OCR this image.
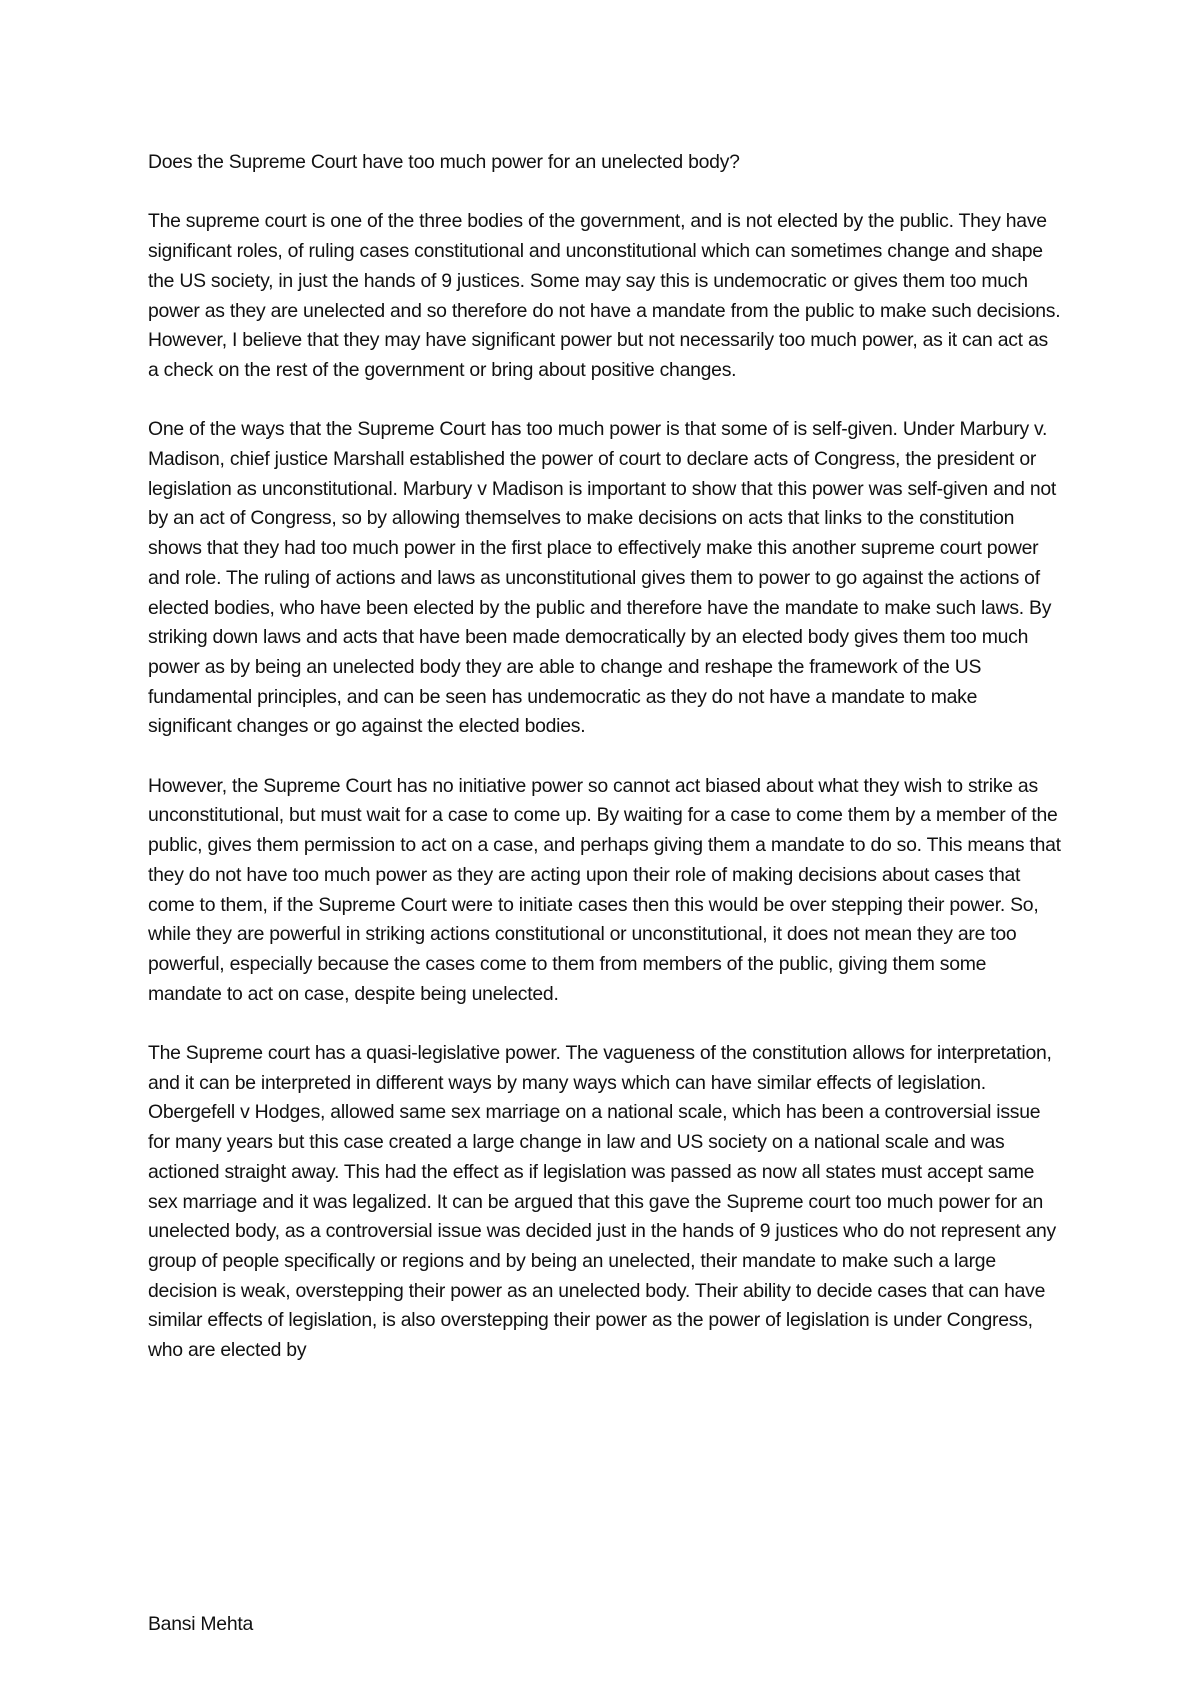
Does the Supreme Court have too much power for an unelected body?

The supreme court is one of the three bodies of the government, and is not elected by the public. They have significant roles, of ruling cases constitutional and unconstitutional which can sometimes change and shape the US society, in just the hands of 9 justices. Some may say this is undemocratic or gives them too much power as they are unelected and so therefore do not have a mandate from the public to make such decisions. However, I believe that they may have significant power but not necessarily too much power, as it can act as a check on the rest of the government or bring about positive changes.

One of the ways that the Supreme Court has too much power is that some of is self-given. Under Marbury v. Madison, chief justice Marshall established the power of court to declare acts of Congress, the president or legislation as unconstitutional. Marbury v Madison is important to show that this power was self-given and not by an act of Congress, so by allowing themselves to make decisions on acts that links to the constitution shows that they had too much power in the first place to effectively make this another supreme court power and role. The ruling of actions and laws as unconstitutional gives them to power to go against the actions of elected bodies, who have been elected by the public and therefore have the mandate to make such laws. By striking down laws and acts that have been made democratically by an elected body gives them too much power as by being an unelected body they are able to change and reshape the framework of the US fundamental principles, and can be seen has undemocratic as they do not have a mandate to make significant changes or go against the elected bodies.

However, the Supreme Court has no initiative power so cannot act biased about what they wish to strike as unconstitutional, but must wait for a case to come up. By waiting for a case to come them by a member of the public, gives them permission to act on a case, and perhaps giving them a mandate to do so. This means that they do not have too much power as they are acting upon their role of making decisions about cases that come to them, if the Supreme Court were to initiate cases then this would be over stepping their power. So, while they are powerful in striking actions constitutional or unconstitutional, it does not mean they are too powerful, especially because the cases come to them from members of the public, giving them some mandate to act on case, despite being unelected.

The Supreme court has a quasi-legislative power. The vagueness of the constitution allows for interpretation, and it can be interpreted in different ways by many ways which can have similar effects of legislation. Obergefell v Hodges, allowed same sex marriage on a national scale, which has been a controversial issue for many years but this case created a large change in law and US society on a national scale and was actioned straight away. This had the effect as if legislation was passed as now all states must accept same sex marriage and it was legalized. It can be argued that this gave the Supreme court too much power for an unelected body, as a controversial issue was decided just in the hands of 9 justices who do not represent any group of people specifically or regions and by being an unelected, their mandate to make such a large decision is weak, overstepping their power as an unelected body. Their ability to decide cases that can have similar effects of legislation, is also overstepping their power as the power of legislation is under Congress, who are elected by

Bansi Mehta
